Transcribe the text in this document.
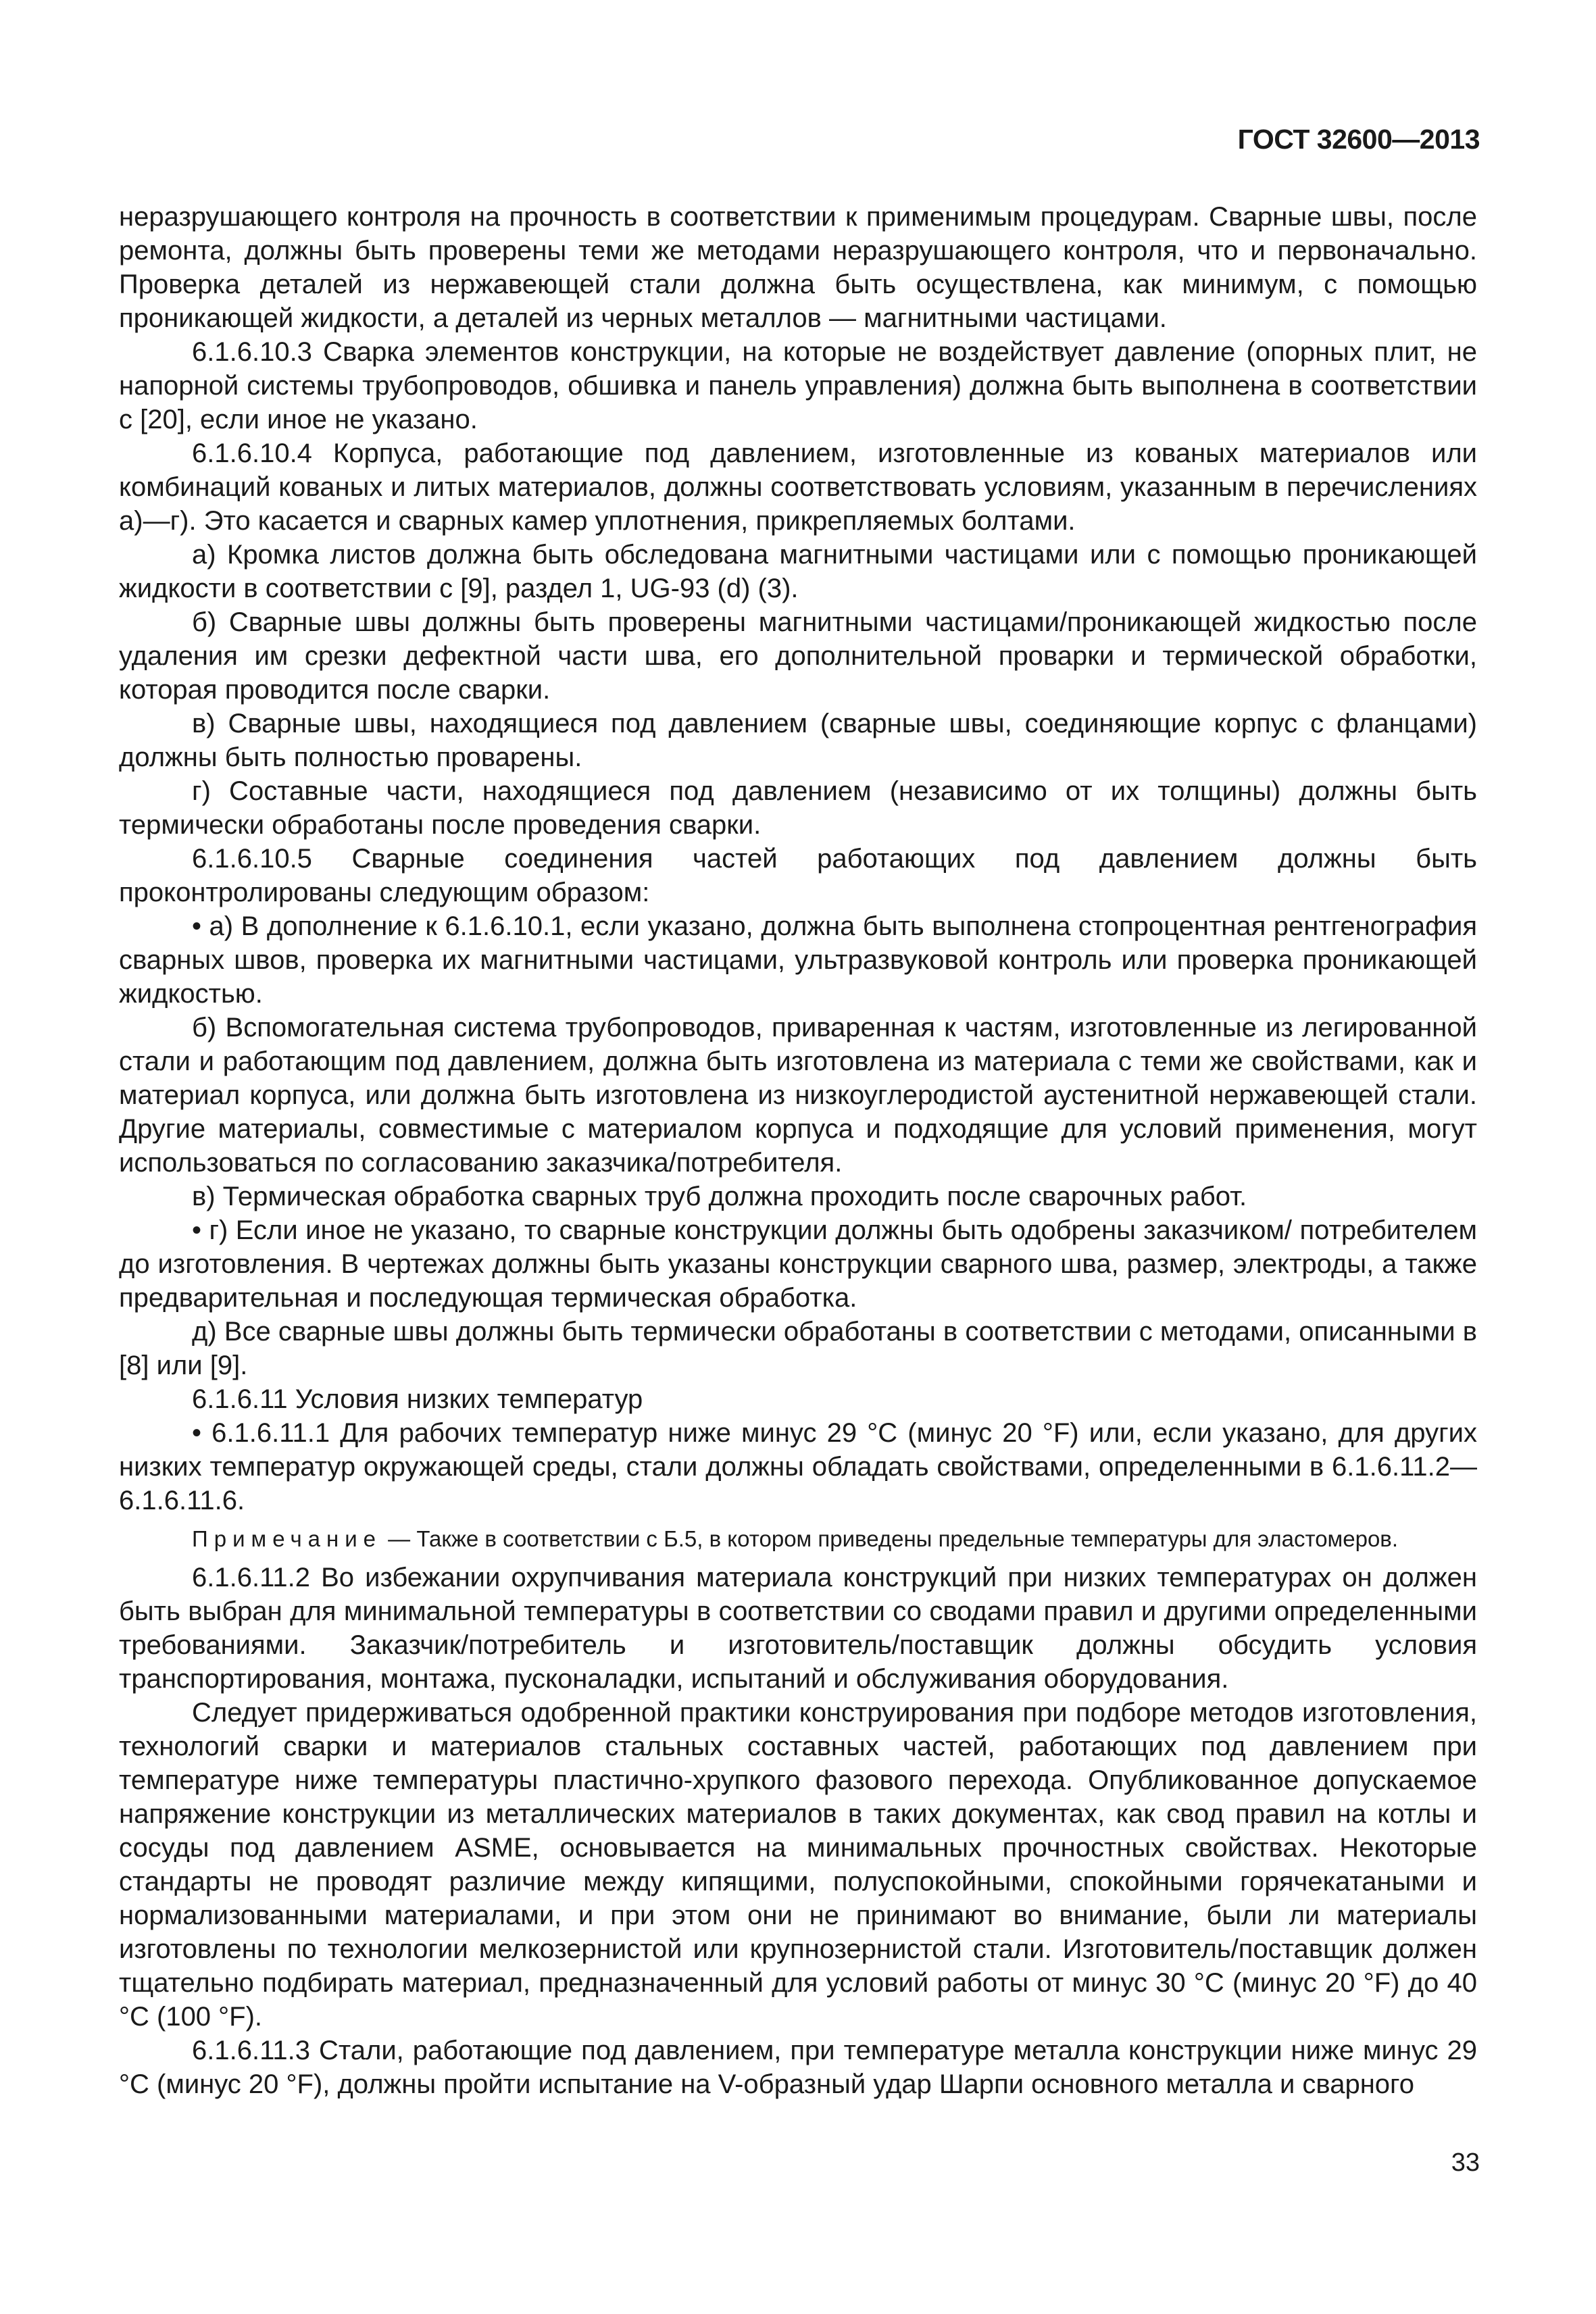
ГОСТ 32600—2013

неразрушающего контроля на прочность в соответствии к применимым процедурам. Сварные швы, после ремонта, должны быть проверены теми же методами неразрушающего контроля, что и первоначально. Проверка деталей из нержавеющей стали должна быть осуществлена, как минимум, с помощью проникающей жидкости, а деталей из черных металлов — магнитными частицами.

6.1.6.10.3 Сварка элементов конструкции, на которые не воздействует давление (опорных плит, не напорной системы трубопроводов, обшивка и панель управления) должна быть выполнена в соответствии с [20], если иное не указано.

6.1.6.10.4 Корпуса, работающие под давлением, изготовленные из кованых материалов или комбинаций кованых и литых материалов, должны соответствовать условиям, указанным в перечислениях а)—г). Это касается и сварных камер уплотнения, прикрепляемых болтами.

а) Кромка листов должна быть обследована магнитными частицами или с помощью проникающей жидкости в соответствии с [9], раздел 1, UG-93 (d) (3).

б) Сварные швы должны быть проверены магнитными частицами/проникающей жидкостью после удаления им срезки дефектной части шва, его дополнительной проварки и термической обработки, которая проводится после сварки.

в) Сварные швы, находящиеся под давлением (сварные швы, соединяющие корпус с фланцами) должны быть полностью проварены.

г) Составные части, находящиеся под давлением (независимо от их толщины) должны быть термически обработаны после проведения сварки.

6.1.6.10.5 Сварные соединения частей работающих под давлением должны быть проконтролированы следующим образом:

• а) В дополнение к 6.1.6.10.1, если указано, должна быть выполнена стопроцентная рентгенография сварных швов, проверка их магнитными частицами, ультразвуковой контроль или проверка проникающей жидкостью.

б) Вспомогательная система трубопроводов, приваренная к частям, изготовленные из легированной стали и работающим под давлением, должна быть изготовлена из материала с теми же свойствами, как и материал корпуса, или должна быть изготовлена из низкоуглеродистой аустенитной нержавеющей стали. Другие материалы, совместимые с материалом корпуса и подходящие для условий применения, могут использоваться по согласованию заказчика/потребителя.

в) Термическая обработка сварных труб должна проходить после сварочных работ.

• г) Если иное не указано, то сварные конструкции должны быть одобрены заказчиком/ потребителем до изготовления. В чертежах должны быть указаны конструкции сварного шва, размер, электроды, а также предварительная и последующая термическая обработка.

д) Все сварные швы должны быть термически обработаны в соответствии с методами, описанными в [8] или [9].

6.1.6.11 Условия низких температур

• 6.1.6.11.1 Для рабочих температур ниже минус 29 °С (минус 20 °F) или, если указано, для других низких температур окружающей среды, стали должны обладать свойствами, определенными в 6.1.6.11.2—6.1.6.11.6.

Примечание — Также в соответствии с Б.5, в котором приведены предельные температуры для эластомеров.

6.1.6.11.2 Во избежании охрупчивания материала конструкций при низких температурах он должен быть выбран для минимальной температуры в соответствии со сводами правил и другими определенными требованиями. Заказчик/потребитель и изготовитель/поставщик должны обсудить условия транспортирования, монтажа, пусконаладки, испытаний и обслуживания оборудования.

Следует придерживаться одобренной практики конструирования при подборе методов изготовления, технологий сварки и материалов стальных составных частей, работающих под давлением при температуре ниже температуры пластично-хрупкого фазового перехода. Опубликованное допускаемое напряжение конструкции из металлических материалов в таких документах, как свод правил на котлы и сосуды под давлением ASME, основывается на минимальных прочностных свойствах. Некоторые стандарты не проводят различие между кипящими, полуспокойными, спокойными горячекатаными и нормализованными материалами, и при этом они не принимают во внимание, были ли материалы изготовлены по технологии мелкозернистой или крупнозернистой стали. Изготовитель/поставщик должен тщательно подбирать материал, предназначенный для условий работы от минус 30 °С (минус 20 °F) до 40 °С (100 °F).

6.1.6.11.3 Стали, работающие под давлением, при температуре металла конструкции ниже минус 29 °С (минус 20 °F), должны пройти испытание на V-образный удар Шарпи основного металла и сварного

33
